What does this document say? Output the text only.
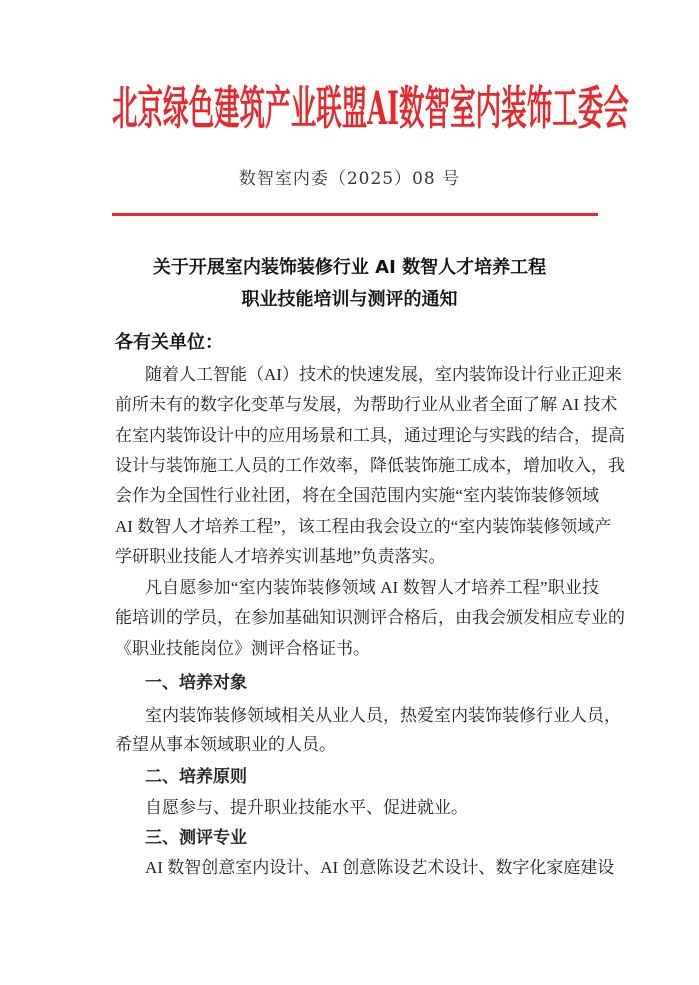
北京绿色建筑产业联盟AI数智室内装饰工委会
数智室内委（2025）08 号
关于开展室内装饰装修行业 AI 数智人才培养工程
职业技能培训与测评的通知
各有关单位：
随着人工智能（AI）技术的快速发展，室内装饰设计行业正迎来
前所未有的数字化变革与发展，为帮助行业从业者全面了解 AI 技术
在室内装饰设计中的应用场景和工具，通过理论与实践的结合，提高
设计与装饰施工人员的工作效率，降低装饰施工成本，增加收入，我
会作为全国性行业社团，将在全国范围内实施“室内装饰装修领域
AI 数智人才培养工程”，该工程由我会设立的“室内装饰装修领域产
学研职业技能人才培养实训基地”负责落实。
凡自愿参加“室内装饰装修领域 AI 数智人才培养工程”职业技
能培训的学员，在参加基础知识测评合格后，由我会颁发相应专业的
《职业技能岗位》测评合格证书。
一、培养对象
室内装饰装修领域相关从业人员，热爱室内装饰装修行业人员，
希望从事本领域职业的人员。
二、培养原则
自愿参与、提升职业技能水平、促进就业。
三、测评专业
AI 数智创意室内设计、AI 创意陈设艺术设计、数字化家庭建设
